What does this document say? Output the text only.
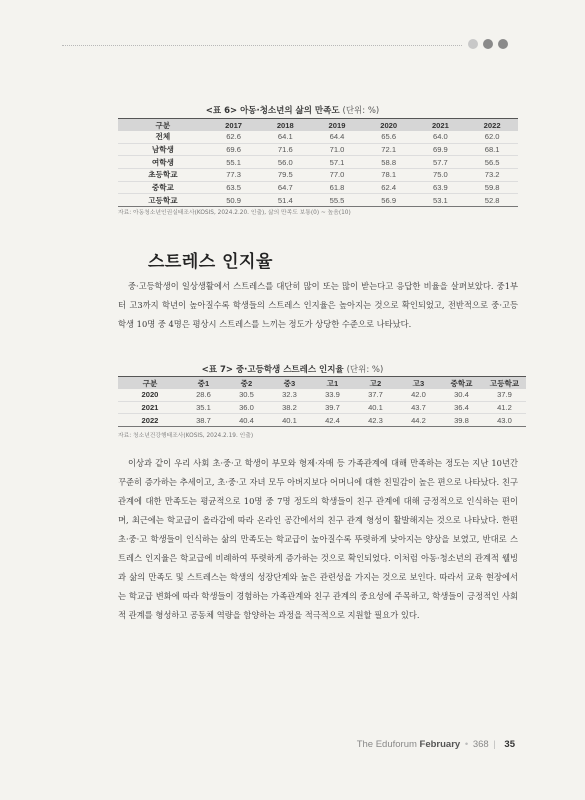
<표 6> 아동·청소년의 삶의 만족도 (단위: %)
구분	2017	2018	2019	2020	2021	2022
전체	62.6	64.1	64.4	65.6	64.0	62.0
남학생	69.6	71.6	71.0	72.1	69.9	68.1
여학생	55.1	56.0	57.1	58.8	57.7	56.5
초등학교	77.3	79.5	77.0	78.1	75.0	73.2
중학교	63.5	64.7	61.8	62.4	63.9	59.8
고등학교	50.9	51.4	55.5	56.9	53.1	52.8
자료: 아동청소년인권실태조사(KOSIS, 2024.2.20. 인출), 삶의 만족도 보통(0) ~ 높음(10)
스트레스 인지율

중·고등학생이 일상생활에서 스트레스를 대단히 많이 또는 많이 받는다고 응답한 비율을 살펴보았다. 중1부터 고3까지 학년이 높아질수록 학생들의 스트레스 인지율은 높아지는 것으로 확인되었고, 전반적으로 중·고등학생 10명 중 4명은 평상시 스트레스를 느끼는 정도가 상당한 수준으로 나타났다.

<표 7> 중·고등학생 스트레스 인지율 (단위: %)
구분	중1	중2	중3	고1	고2	고3	중학교	고등학교
2020	28.6	30.5	32.3	33.9	37.7	42.0	30.4	37.9
2021	35.1	36.0	38.2	39.7	40.1	43.7	36.4	41.2
2022	38.7	40.4	40.1	42.4	42.3	44.2	39.8	43.0
자료: 청소년건강행태조사(KOSIS, 2024.2.19. 인출)

이상과 같이 우리 사회 초·중·고 학생이 부모와 형제·자매 등 가족관계에 대해 만족하는 정도는 지난 10년간 꾸준히 증가하는 추세이고, 초·중·고 자녀 모두 아버지보다 어머니에 대한 친밀감이 높은 편으로 나타났다. 친구 관계에 대한 만족도는 평균적으로 10명 중 7명 정도의 학생들이 친구 관계에 대해 긍정적으로 인식하는 편이며, 최근에는 학교급이 올라감에 따라 온라인 공간에서의 친구 관계 형성이 활발해지는 것으로 나타났다. 한편 초·중·고 학생들이 인식하는 삶의 만족도는 학교급이 높아질수록 뚜렷하게 낮아지는 양상을 보였고, 반대로 스트레스 인지율은 학교급에 비례하여 뚜렷하게 증가하는 것으로 확인되었다. 이처럼 아동·청소년의 관계적 웰빙과 삶의 만족도 및 스트레스는 학생의 성장단계와 높은 관련성을 가지는 것으로 보인다. 따라서 교육 현장에서는 학교급 변화에 따라 학생들이 경험하는 가족관계와 친구 관계의 중요성에 주목하고, 학생들이 긍정적인 사회적 관계를 형성하고 공동체 역량을 함양하는 과정을 적극적으로 지원할 필요가 있다.

The Eduforum February • 368 | 35
